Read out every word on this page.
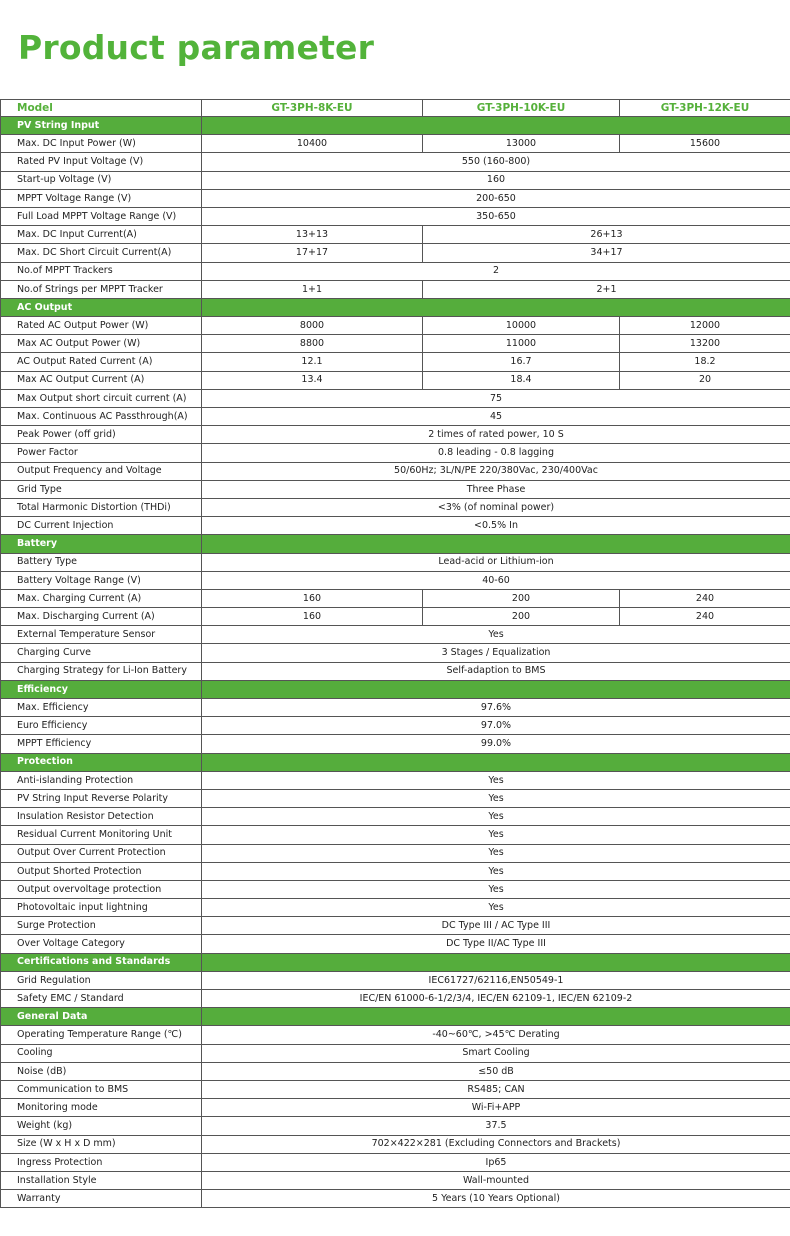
Product parameter
Model	GT-3PH-8K-EU	GT-3PH-10K-EU	GT-3PH-12K-EU
PV String Input			
Max. DC Input Power (W)	10400	13000	15600
Rated PV Input Voltage (V)	550 (160-800)		
Start-up Voltage (V)	160		
MPPT Voltage Range (V)	200-650		
Full Load MPPT Voltage Range (V)	350-650		
Max. DC Input Current(A)	13+13	26+13	
Max. DC Short Circuit Current(A)	17+17	34+17	
No.of MPPT Trackers	2		
No.of Strings per MPPT Tracker	1+1	2+1	
AC Output			
Rated AC Output Power (W)	8000	10000	12000
Max AC Output Power (W)	8800	11000	13200
AC Output Rated Current (A)	12.1	16.7	18.2
Max AC Output Current (A)	13.4	18.4	20
Max Output short circuit current (A)	75		
Max. Continuous AC Passthrough(A)	45		
Peak Power (off grid)	2 times of rated power, 10 S		
Power Factor	0.8 leading - 0.8 lagging		
Output Frequency and Voltage	50/60Hz; 3L/N/PE 220/380Vac, 230/400Vac		
Grid Type	Three Phase		
Total Harmonic Distortion (THDi)	<3% (of nominal power)		
DC Current Injection	<0.5% In		
Battery			
Battery Type	Lead-acid or Lithium-ion		
Battery Voltage Range (V)	40-60		
Max. Charging Current (A)	160	200	240
Max. Discharging Current (A)	160	200	240
External Temperature Sensor	Yes		
Charging Curve	3 Stages / Equalization		
Charging Strategy for Li-Ion Battery	Self-adaption to BMS		
Efficiency			
Max. Efficiency	97.6%		
Euro Efficiency	97.0%		
MPPT Efficiency	99.0%		
Protection			
Anti-islanding Protection	Yes		
PV String Input Reverse Polarity	Yes		
Insulation Resistor Detection	Yes		
Residual Current Monitoring Unit	Yes		
Output Over Current Protection	Yes		
Output Shorted Protection	Yes		
Output overvoltage protection	Yes		
Photovoltaic input lightning	Yes		
Surge Protection	DC Type III / AC Type III		
Over Voltage Category	DC Type II/AC Type III		
Certifications and Standards			
Grid Regulation	IEC61727/62116,EN50549-1		
Safety EMC / Standard	IEC/EN 61000-6-1/2/3/4, IEC/EN 62109-1, IEC/EN 62109-2		
General Data			
Operating Temperature Range (℃)	-40~60℃, >45℃ Derating		
Cooling	Smart Cooling		
Noise (dB)	≤50 dB		
Communication to BMS	RS485; CAN		
Monitoring mode	Wi-Fi+APP		
Weight (kg)	37.5		
Size (W x H x D mm)	702×422×281 (Excluding Connectors and Brackets)		
Ingress Protection	Ip65		
Installation Style	Wall-mounted		
Warranty	5 Years (10 Years Optional)		
